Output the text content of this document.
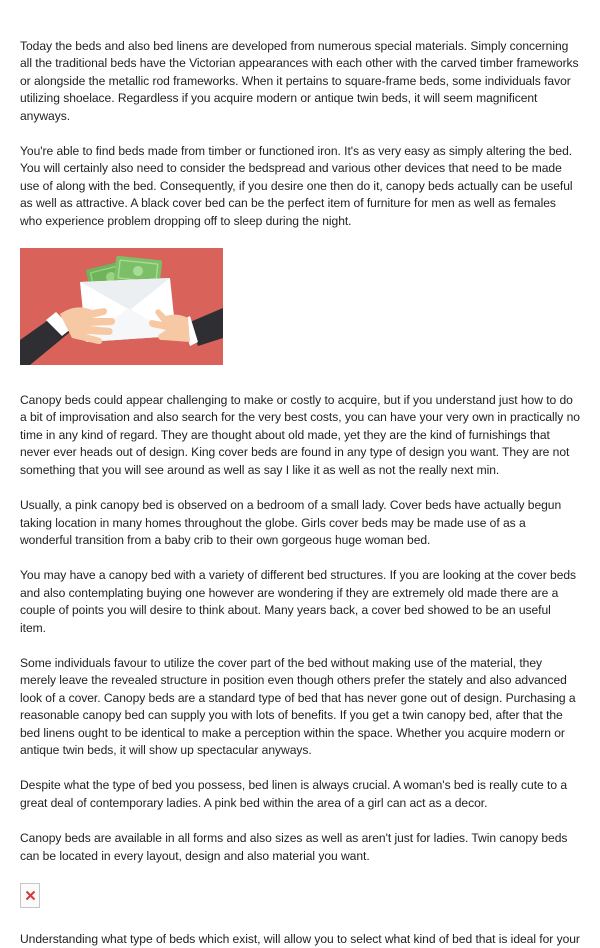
Today the beds and also bed linens are developed from numerous special materials. Simply concerning all the traditional beds have the Victorian appearances with each other with the carved timber frameworks or alongside the metallic rod frameworks. When it pertains to square-frame beds, some individuals favor utilizing shoelace. Regardless if you acquire modern or antique twin beds, it will seem magnificent anyways.

You're able to find beds made from timber or functioned iron. It's as very easy as simply altering the bed. You will certainly also need to consider the bedspread and various other devices that need to be made use of along with the bed. Consequently, if you desire one then do it, canopy beds actually can be useful as well as attractive. A black cover bed can be the perfect item of furniture for men as well as females who experience problem dropping off to sleep during the night.

Canopy beds could appear challenging to make or costly to acquire, but if you understand just how to do a bit of improvisation and also search for the very best costs, you can have your very own in practically no time in any kind of regard. They are thought about old made, yet they are the kind of furnishings that never ever heads out of design. King cover beds are found in any type of design you want. They are not something that you will see around as well as say I like it as well as not the really next min.

Usually, a pink canopy bed is observed on a bedroom of a small lady. Cover beds have actually begun taking location in many homes throughout the globe. Girls cover beds may be made use of as a wonderful transition from a baby crib to their own gorgeous huge woman bed.

You may have a canopy bed with a variety of different bed structures. If you are looking at the cover beds and also contemplating buying one however are wondering if they are extremely old made there are a couple of points you will desire to think about. Many years back, a cover bed showed to be an useful item.

Some individuals favour to utilize the cover part of the bed without making use of the material, they merely leave the revealed structure in position even though others prefer the stately and also advanced look of a cover. Canopy beds are a standard type of bed that has never gone out of design. Purchasing a reasonable canopy bed can supply you with lots of benefits. If you get a twin canopy bed, after that the bed linens ought to be identical to make a perception within the space. Whether you acquire modern or antique twin beds, it will show up spectacular anyways.

Despite what the type of bed you possess, bed linen is always crucial. A woman's bed is really cute to a great deal of contemporary ladies. A pink bed within the area of a girl can act as a decor.

Canopy beds are available in all forms and also sizes as well as aren't just for ladies. Twin canopy beds can be located in every layout, design and also material you want.

Understanding what type of beds which exist, will allow you to select what kind of bed that is ideal for your
